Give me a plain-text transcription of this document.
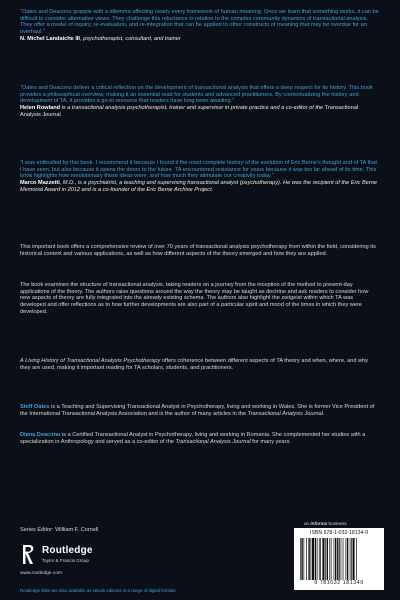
“Oates and Deaconu grapple with a dilemma affecting nearly every framework of human meaning. Once we learn that something works, it can be difficult to consider alternative views. They challenge this reluctance in relation to the complex community dynamics of transactional analysis. They offer a model of inquiry, re-evaluation, and re-integration that can be applied to other constructs of meaning that may be overdue for an overhaul.”

N. Michel Landaiche III, psychotherapist, consultant, and trainer

“Oates and Deaconu deliver a critical reflection on the development of transactional analysis that offers a deep respect for its history. This book provides a philosophical overview, making it an essential read for students and advanced practitioners. By contextualizing the history and development of TA, it provides a go-to resource that readers have long been awaiting.”

Helen Rowland is a transactional analysis psychotherapist, trainer and supervisor in private practice and a co-editor of the Transactional Analysis Journal

“I was enthralled by this book. I recommend it because I found it the most complete history of the evolution of Eric Berne’s thought and of TA that I have seen, but also because it opens the doors to the future. TA encountered resistance for years because it was too far ahead of its time. This book highlights how revolutionary those ideas were, and how much they stimulate our creativity today.”

Marco Mazzetti, M.D., is a psychiatrist, a teaching and supervising transactional analyst (psychotherapy). He was the recipient of the Eric Berne Memorial Award in 2012 and is a co-founder of the Eric Berne Archive Project.

This important book offers a comprehensive review of over 70 years of transactional analysis psychotherapy from within the field, considering its historical context and various applications, as well as how different aspects of the theory emerged and how they are applied.

The book examines the structure of transactional analysis, taking readers on a journey from the inception of the method to present-day applications of the theory. The authors raise questions around the way the theory may be taught as doctrine and ask readers to consider how new aspects of theory are fully integrated into the already existing schema. The authors also highlight the zeitgeist within which TA was developed and offer reflections as to how further developments are also part of a particular spirit and mood of the times in which they were developed.

A Living History of Transactional Analysis Psychotherapy offers coherence between different aspects of TA theory and when, where, and why they are used, making it important reading for TA scholars, students, and practitioners.

Steff Oates is a Teaching and Supervising Transactional Analyst in Psychotherapy, living and working in Wales. She is former Vice President of the International Transactional Analysis Association and is the author of many articles in the Transactional Analysis Journal.

Diana Deaconu is a Certified Transactional Analyst in Psychotherapy, living and working in Romania. She complemented her studies with a specialization in Anthropology and served as a co-editor of the Transactional Analysis Journal for many years.

Series Editor: William F. Cornell

Routledge
Taylor & Francis Group

www.routledge.com

Routledge titles are also available as eBook editions in a range of digital formats

an informa business

ISBN 978-1-032-18134-9
9 781032 181349
